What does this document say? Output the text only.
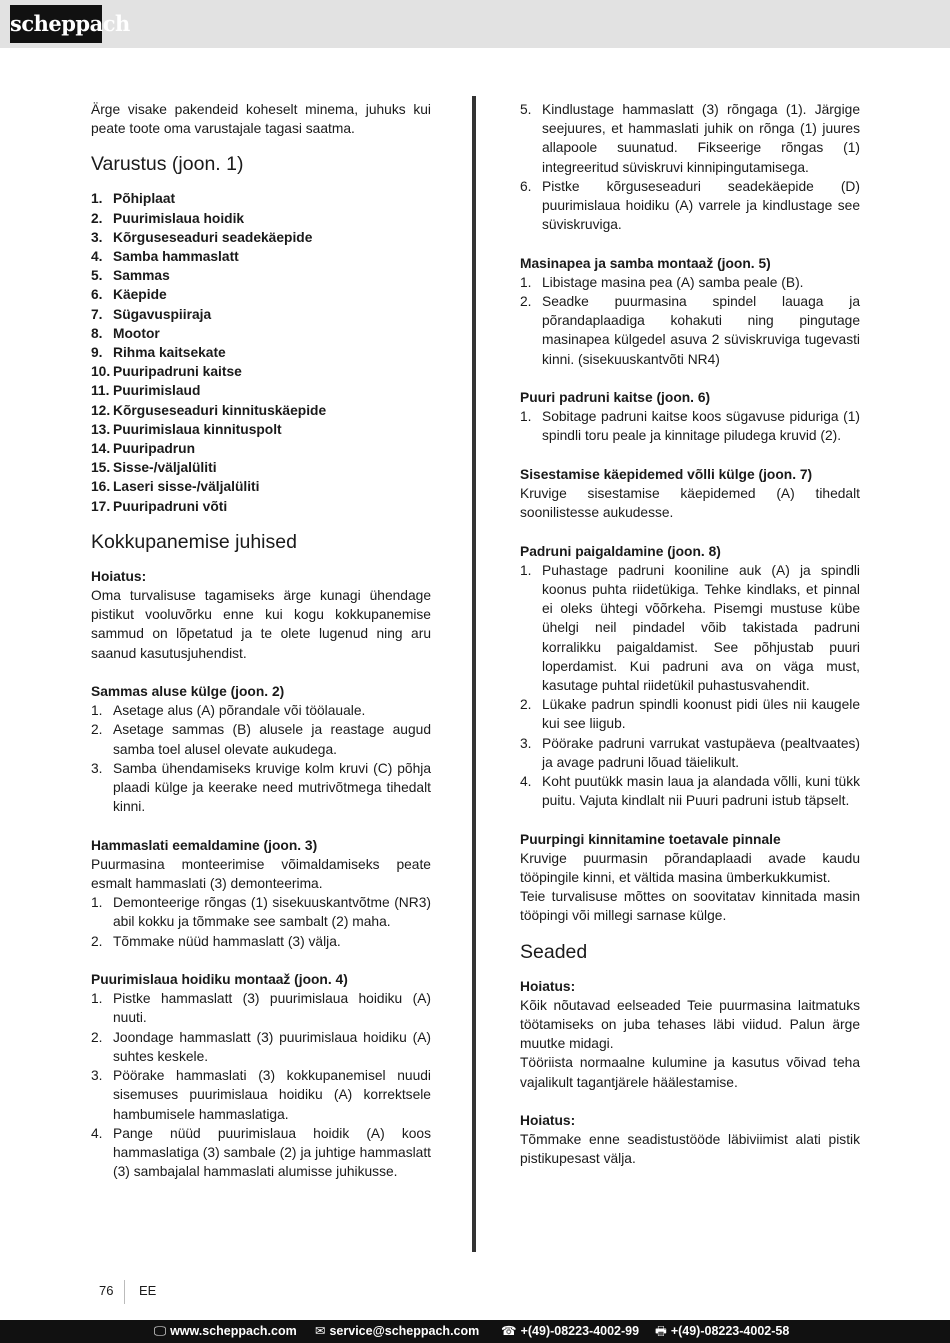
scheppach

Ärge visake pakendeid koheselt minema, juhuks kui peate toote oma varustajale tagasi saatma.

Varustus (joon. 1)
1. Põhiplaat
2. Puurimislaua hoidik
3. Kõrguseseaduri seadekäepide
4. Samba hammaslatt
5. Sammas
6. Käepide
7. Sügavuspiiraja
8. Mootor
9. Rihma kaitsekate
10. Puuripadruni kaitse
11. Puurimislaud
12. Kõrguseseaduri kinnituskäepide
13. Puurimislaua kinnituspolt
14. Puuripadrun
15. Sisse-/väljalüliti
16. Laseri sisse-/väljalüliti
17. Puuripadruni võti
Kokkupanemise juhised
Hoiatus:

Oma turvalisuse tagamiseks ärge kunagi ühendage pistikut vooluvõrku enne kui kogu kokkupanemise sammud on lõpetatud ja te olete lugenud ning aru saanud kasutusjuhendist.

Sammas aluse külge (joon. 2)
1. Asetage alus (A) põrandale või töölauale.
2. Asetage sammas (B) alusele ja reastage augud samba toel alusel olevate aukudega.
3. Samba ühendamiseks kruvige kolm kruvi (C) põhja plaadi külge ja keerake need mutrivõtmega tihedalt kinni.
Hammaslati eemaldamine (joon. 3)

Puurmasina monteerimise võimaldamiseks peate esmalt hammaslati (3) demonteerima.

1. Demonteerige rõngas (1) sisekuuskantvõtme (NR3) abil kokku ja tõmmake see sambalt (2) maha.
2. Tõmmake nüüd hammaslatt (3) välja.
Puurimislaua hoidiku montaaž (joon. 4)
1. Pistke hammaslatt (3) puurimislaua hoidiku (A) nuuti.
2. Joondage hammaslatt (3) puurimislaua hoidiku (A) suhtes keskele.
3. Pöörake hammaslati (3) kokkupanemisel nuudi sisemuses puurimislaua hoidiku (A) korrektsele hambumisele hammaslatiga.
4. Pange nüüd puurimislaua hoidik (A) koos hammaslatiga (3) sambale (2) ja juhtige hammaslatt (3) sambajalal hammaslati alumisse juhikusse.
5. Kindlustage hammaslatt (3) rõngaga (1). Järgige seejuures, et hammaslati juhik on rõnga (1) juures allapoole suunatud. Fikseerige rõngas (1) integreeritud süviskruvi kinnipingutamisega.
6. Pistke kõrguseseaduri seadekäepide (D) puurimislaua hoidiku (A) varrele ja kindlustage see süviskruviga.
Masinapea ja samba montaaž (joon. 5)
1. Libistage masina pea (A) samba peale (B).
2. Seadke puurmasina spindel lauaga ja põrandaplaadiga kohakuti ning pingutage masinapea külgedel asuva 2 süviskruviga tugevasti kinni. (sisekuuskantvõti NR4)
Puuri padruni kaitse (joon. 6)
1. Sobitage padruni kaitse koos sügavuse piduriga (1) spindli toru peale ja kinnitage piludega kruvid (2).
Sisestamise käepidemed võlli külge (joon. 7)

Kruvige sisestamise käepidemed (A) tihedalt soonilistesse aukudesse.

Padruni paigaldamine (joon. 8)
1. Puhastage padruni kooniline auk (A) ja spindli koonus puhta riidetükiga. Tehke kindlaks, et pinnal ei oleks ühtegi võõrkeha. Pisemgi mustuse kübe ühelgi neil pindadel võib takistada padruni korralikku paigaldamist. See põhjustab puuri loperdamist. Kui padruni ava on väga must, kasutage puhtal riidetükil puhastusvahendit.
2. Lükake padrun spindli koonust pidi üles nii kaugele kui see liigub.
3. Pöörake padruni varrukat vastupäeva (pealtvaates) ja avage padruni lõuad täielikult.
4. Koht puutükk masin laua ja alandada võlli, kuni tükk puitu. Vajuta kindlalt nii Puuri padruni istub täpselt.
Puurpingi kinnitamine toetavale pinnale

Kruvige puurmasin põrandaplaadi avade kaudu tööpingile kinni, et vältida masina ümberkukkumist.

Teie turvalisuse mõttes on soovitatav kinnitada masin tööpingi või millegi sarnase külge.

Seaded
Hoiatus:

Kõik nõutavad eelseaded Teie puurmasina laitmatuks töötamiseks on juba tehases läbi viidud. Palun ärge muutke midagi.

Tööriista normaalne kulumine ja kasutus võivad teha vajalikult tagantjärele häälestamise.

Hoiatus:

Tõmmake enne seadistustööde läbiviimist alati pistik pistikupesast välja.

76 EE
🖵 www.scheppach.com ✉ service@scheppach.com ☎ +(49)-08223-4002-99 🖶 +(49)-08223-4002-58
